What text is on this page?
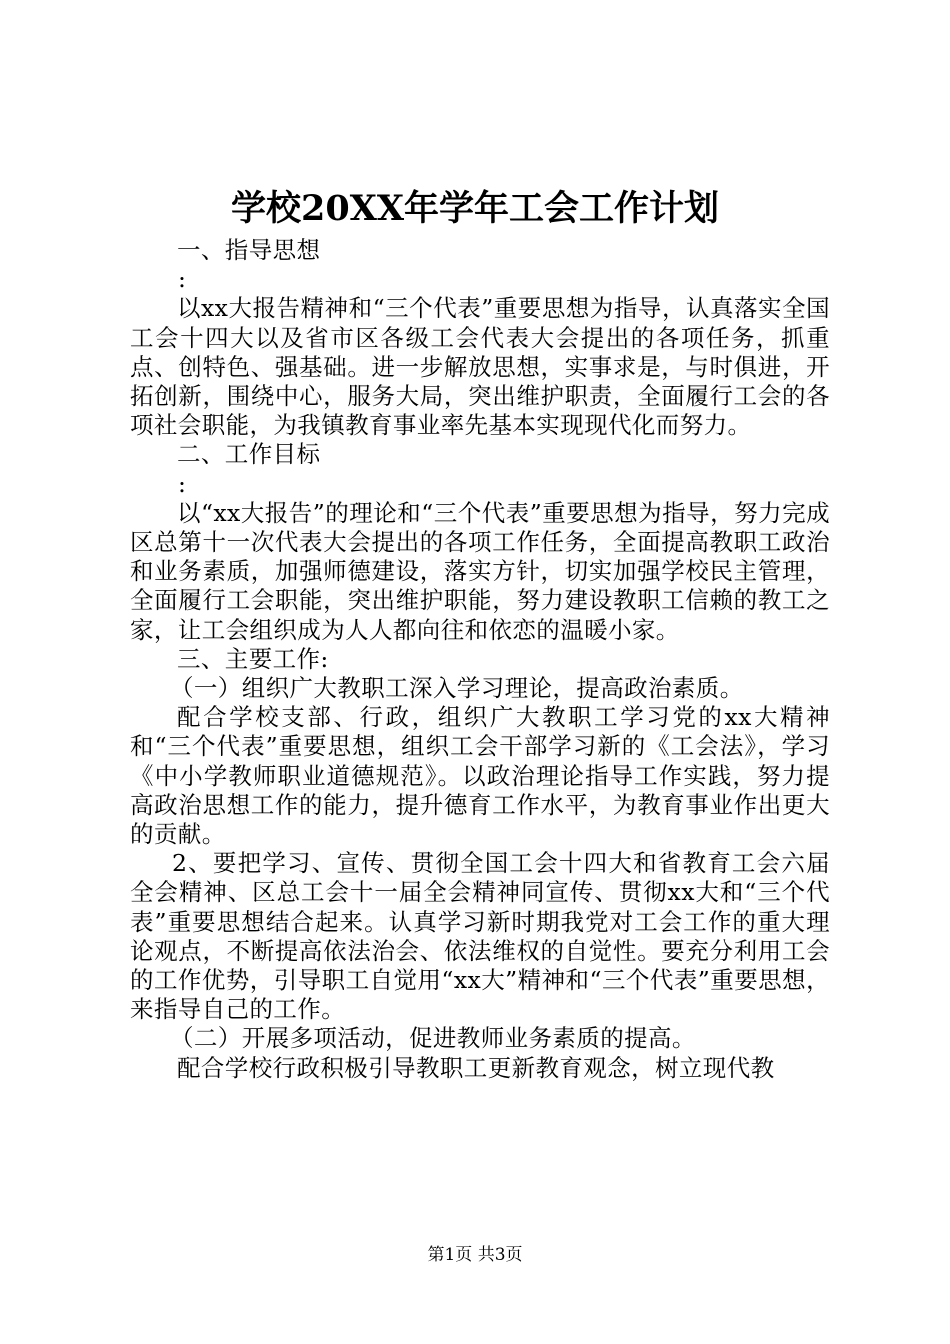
学校20XX年学年工会工作计划

一、指导思想

:

以xx大报告精神和“三个代表”重要思想为指导，认真落实全国工会十四大以及省市区各级工会代表大会提出的各项任务，抓重点、创特色、强基础。进一步解放思想，实事求是，与时俱进，开拓创新，围绕中心，服务大局，突出维护职责，全面履行工会的各项社会职能，为我镇教育事业率先基本实现现代化而努力。

二、工作目标

:

以“xx大报告”的理论和“三个代表”重要思想为指导，努力完成区总第十一次代表大会提出的各项工作任务，全面提高教职工政治和业务素质，加强师德建设，落实方针，切实加强学校民主管理，全面履行工会职能，突出维护职能，努力建设教职工信赖的教工之家，让工会组织成为人人都向往和依恋的温暖小家。

三、主要工作:

（一）组织广大教职工深入学习理论，提高政治素质。

配合学校支部、行政，组织广大教职工学习党的xx大精神和“三个代表”重要思想，组织工会干部学习新的《工会法》，学习《中小学教师职业道德规范》。以政治理论指导工作实践，努力提高政治思想工作的能力，提升德育工作水平，为教育事业作出更大的贡献。

2、要把学习、宣传、贯彻全国工会十四大和省教育工会六届全会精神、区总工会十一届全会精神同宣传、贯彻xx大和“三个代表”重要思想结合起来。认真学习新时期我党对工会工作的重大理论观点，不断提高依法治会、依法维权的自觉性。要充分利用工会的工作优势，引导职工自觉用“xx大”精神和“三个代表”重要思想，来指导自己的工作。

（二）开展多项活动，促进教师业务素质的提高。

配合学校行政积极引导教职工更新教育观念，树立现代教

第1页 共3页
